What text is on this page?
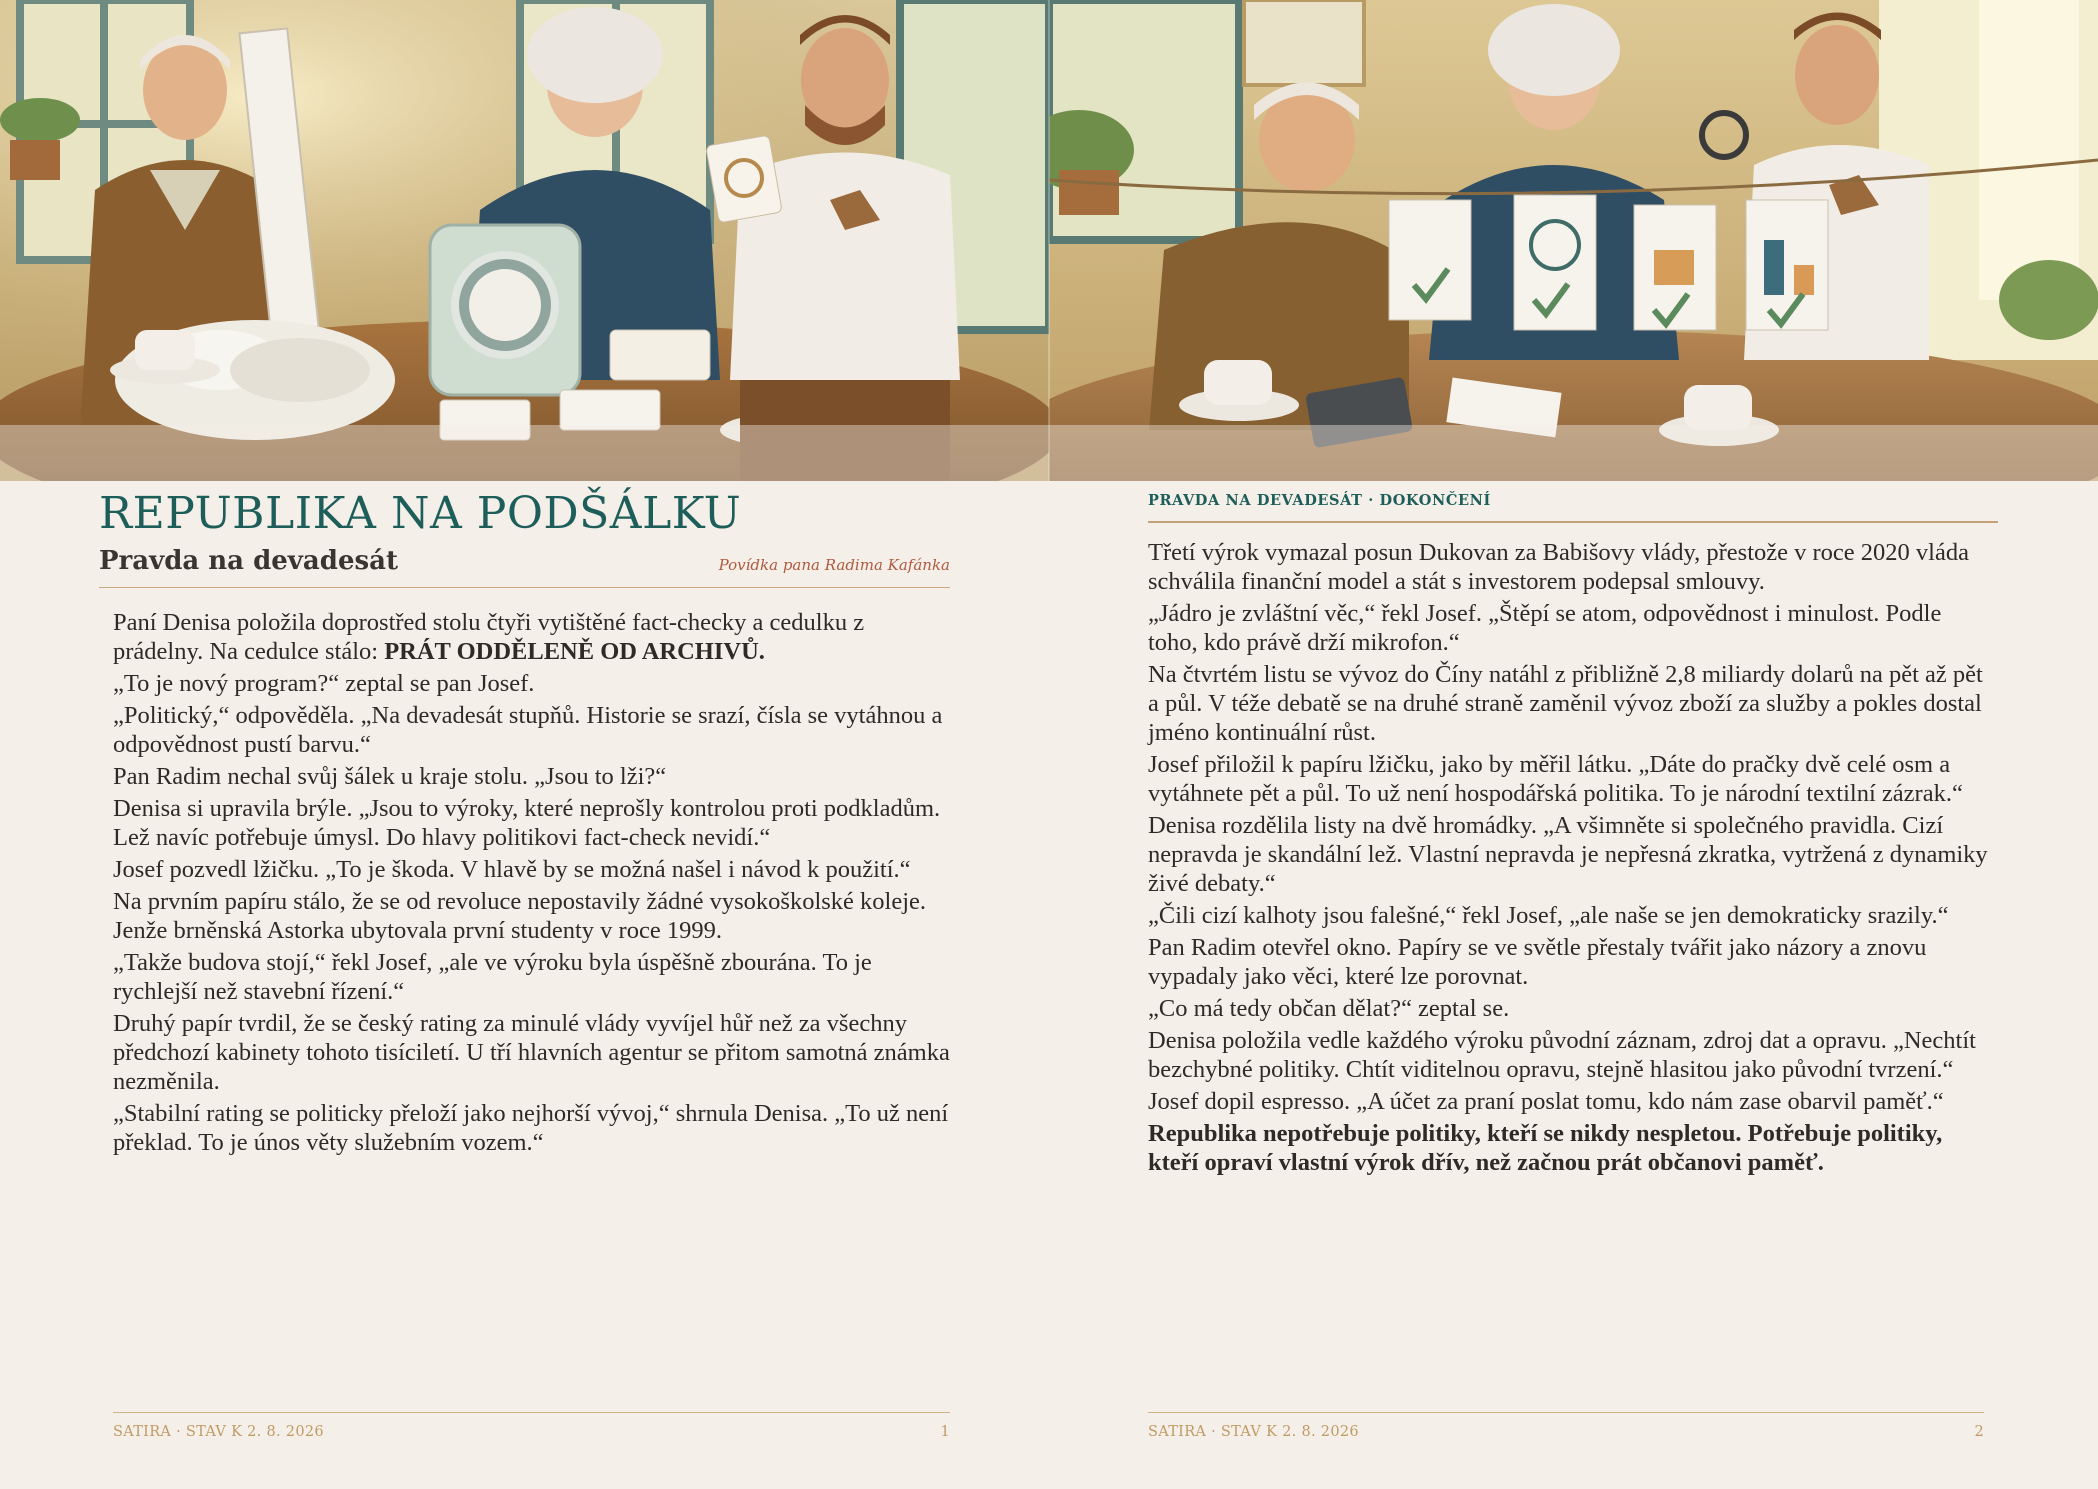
REPUBLIKA NA PODŠÁLKU
Pravda na devadesát	Povídka pana Radima Kafánka

Paní Denisa položila doprostřed stolu čtyři vytištěné fact-checky a cedulku z prádelny. Na cedulce stálo: PRÁT ODDĚLENĚ OD ARCHIVŮ.

„To je nový program?“ zeptal se pan Josef.

„Politický,“ odpověděla. „Na devadesát stupňů. Historie se srazí, čísla se vytáhnou a odpovědnost pustí barvu.“

Pan Radim nechal svůj šálek u kraje stolu. „Jsou to lži?“

Denisa si upravila brýle. „Jsou to výroky, které neprošly kontrolou proti podkladům. Lež navíc potřebuje úmysl. Do hlavy politikovi fact-check nevidí.“

Josef pozvedl lžičku. „To je škoda. V hlavě by se možná našel i návod k použití.“

Na prvním papíru stálo, že se od revoluce nepostavily žádné vysokoškolské koleje. Jenže brněnská Astorka ubytovala první studenty v roce 1999.

„Takže budova stojí,“ řekl Josef, „ale ve výroku byla úspěšně zbourána. To je rychlejší než stavební řízení.“

Druhý papír tvrdil, že se český rating za minulé vlády vyvíjel hůř než za všechny předchozí kabinety tohoto tisíciletí. U tří hlavních agentur se přitom samotná známka nezměnila.

„Stabilní rating se politicky přeloží jako nejhorší vývoj,“ shrnula Denisa. „To už není překlad. To je únos věty služebním vozem.“

SATIRA · STAV K 2. 8. 2026	1
PRAVDA NA DEVADESÁT · DOKONČENÍ

Třetí výrok vymazal posun Dukovan za Babišovy vlády, přestože v roce 2020 vláda schválila finanční model a stát s investorem podepsal smlouvy.

„Jádro je zvláštní věc,“ řekl Josef. „Štěpí se atom, odpovědnost i minulost. Podle toho, kdo právě drží mikrofon.“

Na čtvrtém listu se vývoz do Číny natáhl z přibližně 2,8 miliardy dolarů na pět až pět a půl. V téže debatě se na druhé straně zaměnil vývoz zboží za služby a pokles dostal jméno kontinuální růst.

Josef přiložil k papíru lžičku, jako by měřil látku. „Dáte do pračky dvě celé osm a vytáhnete pět a půl. To už není hospodářská politika. To je národní textilní zázrak.“

Denisa rozdělila listy na dvě hromádky. „A všimněte si společného pravidla. Cizí nepravda je skandální lež. Vlastní nepravda je nepřesná zkratka, vytržená z dynamiky živé debaty.“

„Čili cizí kalhoty jsou falešné,“ řekl Josef, „ale naše se jen demokraticky srazily.“

Pan Radim otevřel okno. Papíry se ve světle přestaly tvářit jako názory a znovu vypadaly jako věci, které lze porovnat.

„Co má tedy občan dělat?“ zeptal se.

Denisa položila vedle každého výroku původní záznam, zdroj dat a opravu. „Nechtít bezchybné politiky. Chtít viditelnou opravu, stejně hlasitou jako původní tvrzení.“

Josef dopil espresso. „A účet za praní poslat tomu, kdo nám zase obarvil paměť.“

Republika nepotřebuje politiky, kteří se nikdy nespletou. Potřebuje politiky, kteří opraví vlastní výrok dřív, než začnou prát občanovi paměť.

SATIRA · STAV K 2. 8. 2026	2
